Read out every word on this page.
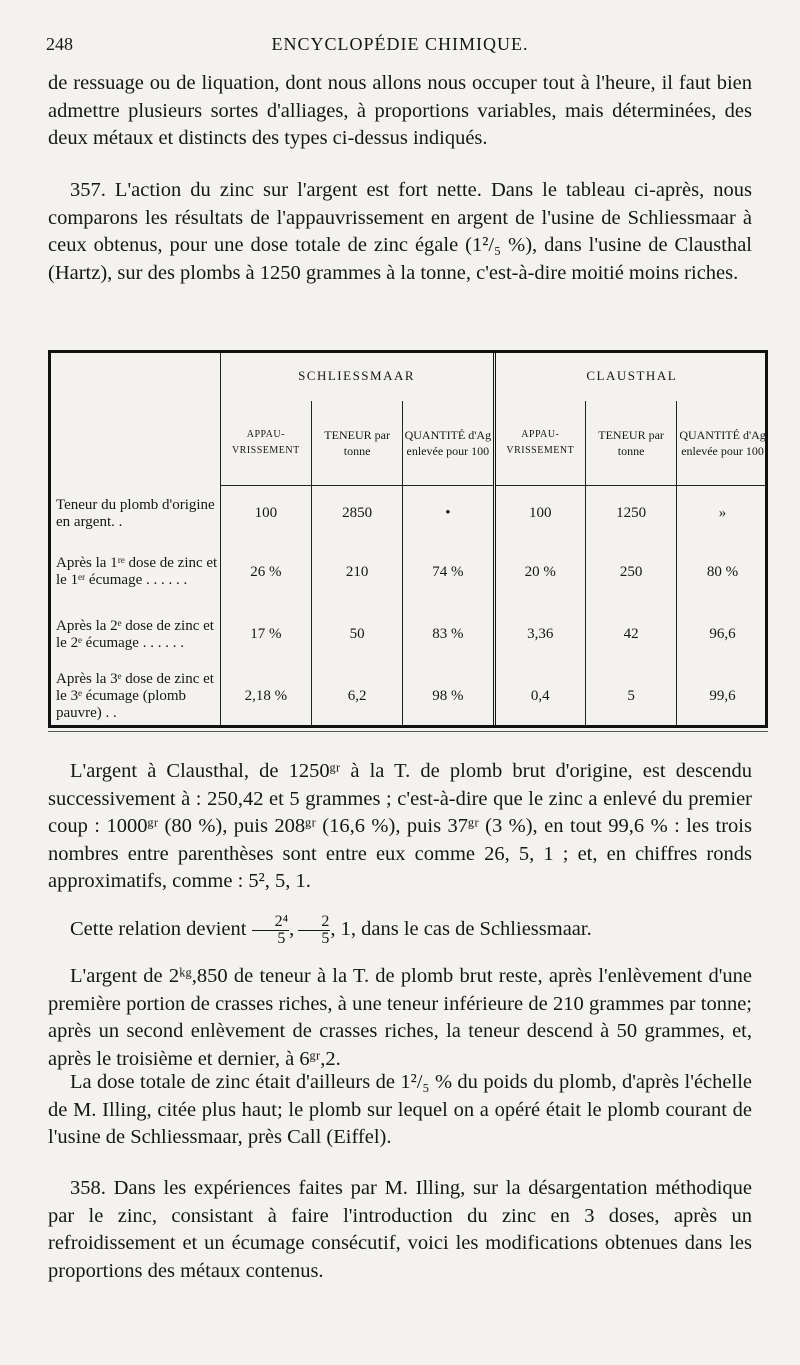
248	ENCYCLOPÉDIE CHIMIQUE.

de ressuage ou de liquation, dont nous allons nous occuper tout à l'heure, il faut bien admettre plusieurs sortes d'alliages, à proportions variables, mais déterminées, des deux métaux et distincts des types ci-dessus indiqués.

357. L'action du zinc sur l'argent est fort nette. Dans le tableau ci-après, nous comparons les résultats de l'appauvrissement en argent de l'usine de Schliessmaar à ceux obtenus, pour une dose totale de zinc égale (1²/₅ %), dans l'usine de Clausthal (Hartz), sur des plombs à 1250 grammes à la tonne, c'est-à-dire moitié moins riches.

	SCHLIESSMAAR			CLAUSTHAL		
	APPAU-VRISSEMENT	TENEUR par tonne	QUANTITÉ d'Ag enlevée pour 100	APPAU-VRISSEMENT	TENEUR par tonne	QUANTITÉ d'Ag enlevée pour 100
Teneur du plomb d'origine en argent. .	100	2850	•	100	1250	»
Après la 1ʳᵉ dose de zinc et le 1ᵉʳ écumage . . . . . .	26 %	210	74 %	20 %	250	80 %
Après la 2ᵉ dose de zinc et le 2ᵉ écumage . . . . . .	17 %	50	83 %	3,36	42	96,6
Après la 3ᵉ dose de zinc et le 3ᵉ écumage (plomb pauvre) . .	2,18 %	6,2	98 %	0,4	5	99,6

L'argent à Clausthal, de 1250ᵍʳ à la T. de plomb brut d'origine, est descendu successivement à : 250,42 et 5 grammes ; c'est-à-dire que le zinc a enlevé du premier coup : 1000ᵍʳ (80 %), puis 208ᵍʳ (16,6 %), puis 37ᵍʳ (3 %), en tout 99,6 % : les trois nombres entre parenthèses sont entre eux comme 26, 5, 1 ; et, en chiffres ronds approximatifs, comme : 5², 5, 1.

Cette relation devient $\frac{\text{2⁴}}{5}$ ,  $\frac{2}{5}$ , 1, dans le cas de Schliessmaar.

L'argent de 2ᵏᵍ,850 de teneur à la T. de plomb brut reste, après l'enlèvement d'une première portion de crasses riches, à une teneur inférieure de 210 grammes par tonne; après un second enlèvement de crasses riches, la teneur descend à 50 grammes, et, après le troisième et dernier, à 6ᵍʳ,2.

La dose totale de zinc était d'ailleurs de 1²/₅ % du poids du plomb, d'après l'échelle de M. Illing, citée plus haut; le plomb sur lequel on a opéré était le plomb courant de l'usine de Schliessmaar, près Call (Eiffel).

358. Dans les expériences faites par M. Illing, sur la désargentation méthodique par le zinc, consistant à faire l'introduction du zinc en 3 doses, après un refroidissement et un écumage consécutif, voici les modifications obtenues dans les proportions des métaux contenus.
